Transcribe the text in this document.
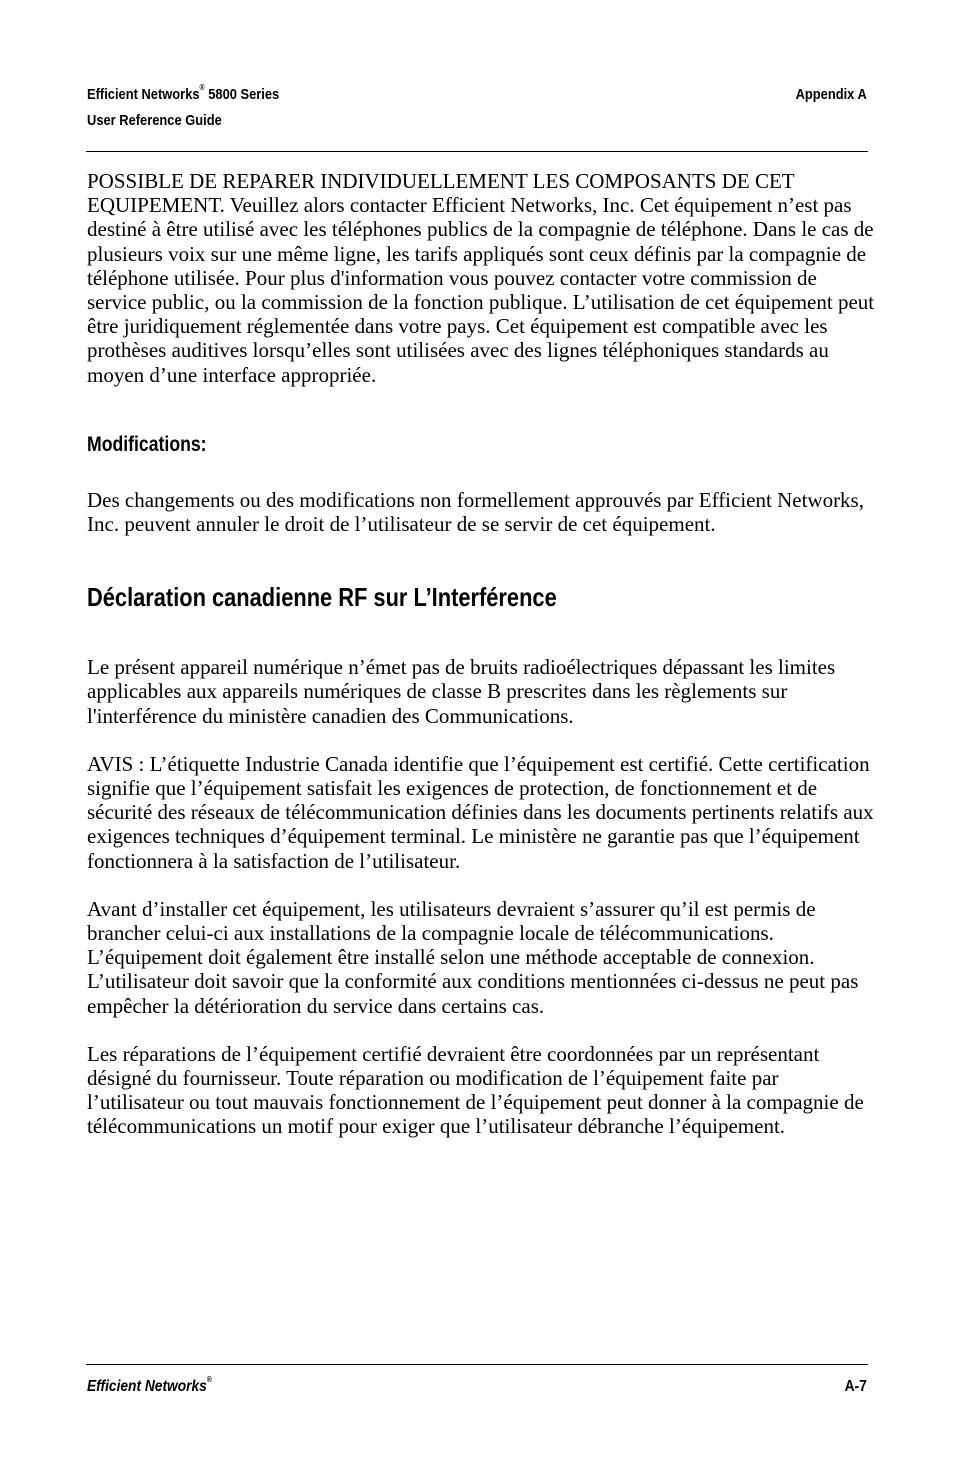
Efficient Networks® 5800 Series
User Reference Guide
Appendix A

POSSIBLE DE REPARER INDIVIDUELLEMENT LES COMPOSANTS DE CET EQUIPEMENT. Veuillez alors contacter Efficient Networks, Inc. Cet équipement n’est pas destiné à être utilisé avec les téléphones publics de la compagnie de téléphone. Dans le cas de plusieurs voix sur une même ligne, les tarifs appliqués sont ceux définis par la compagnie de téléphone utilisée. Pour plus d'information vous pouvez contacter votre commission de service public, ou la commission de la fonction publique. L’utilisation de cet équipement peut être juridiquement réglementée dans votre pays. Cet équipement est compatible avec les prothèses auditives lorsqu’elles sont utilisées avec des lignes téléphoniques standards au moyen d’une interface appropriée.

Modifications:

Des changements ou des modifications non formellement approuvés par Efficient Networks, Inc. peuvent annuler le droit de l’utilisateur de se servir de cet équipement.

Déclaration canadienne RF sur L’Interférence

Le présent appareil numérique n’émet pas de bruits radioélectriques dépassant les limites applicables aux appareils numériques de classe B prescrites dans les règlements sur l'interférence du ministère canadien des Communications.

AVIS : L’étiquette Industrie Canada identifie que l’équipement est certifié. Cette certification signifie que l’équipement satisfait les exigences de protection, de fonctionnement et de sécurité des réseaux de télécommunication définies dans les documents pertinents relatifs aux exigences techniques d’équipement terminal. Le ministère ne garantie pas que l’équipement fonctionnera à la satisfaction de l’utilisateur.

Avant d’installer cet équipement, les utilisateurs devraient s’assurer qu’il est permis de brancher celui-ci aux installations de la compagnie locale de télécommunications. L’équipement doit également être installé selon une méthode acceptable de connexion. L’utilisateur doit savoir que la conformité aux conditions mentionnées ci-dessus ne peut pas empêcher la détérioration du service dans certains cas.

Les réparations de l’équipement certifié devraient être coordonnées par un représentant désigné du fournisseur. Toute réparation ou modification de l’équipement faite par l’utilisateur ou tout mauvais fonctionnement de l’équipement peut donner à la compagnie de télécommunications un motif pour exiger que l’utilisateur débranche l’équipement.

Efficient Networks®	A-7
